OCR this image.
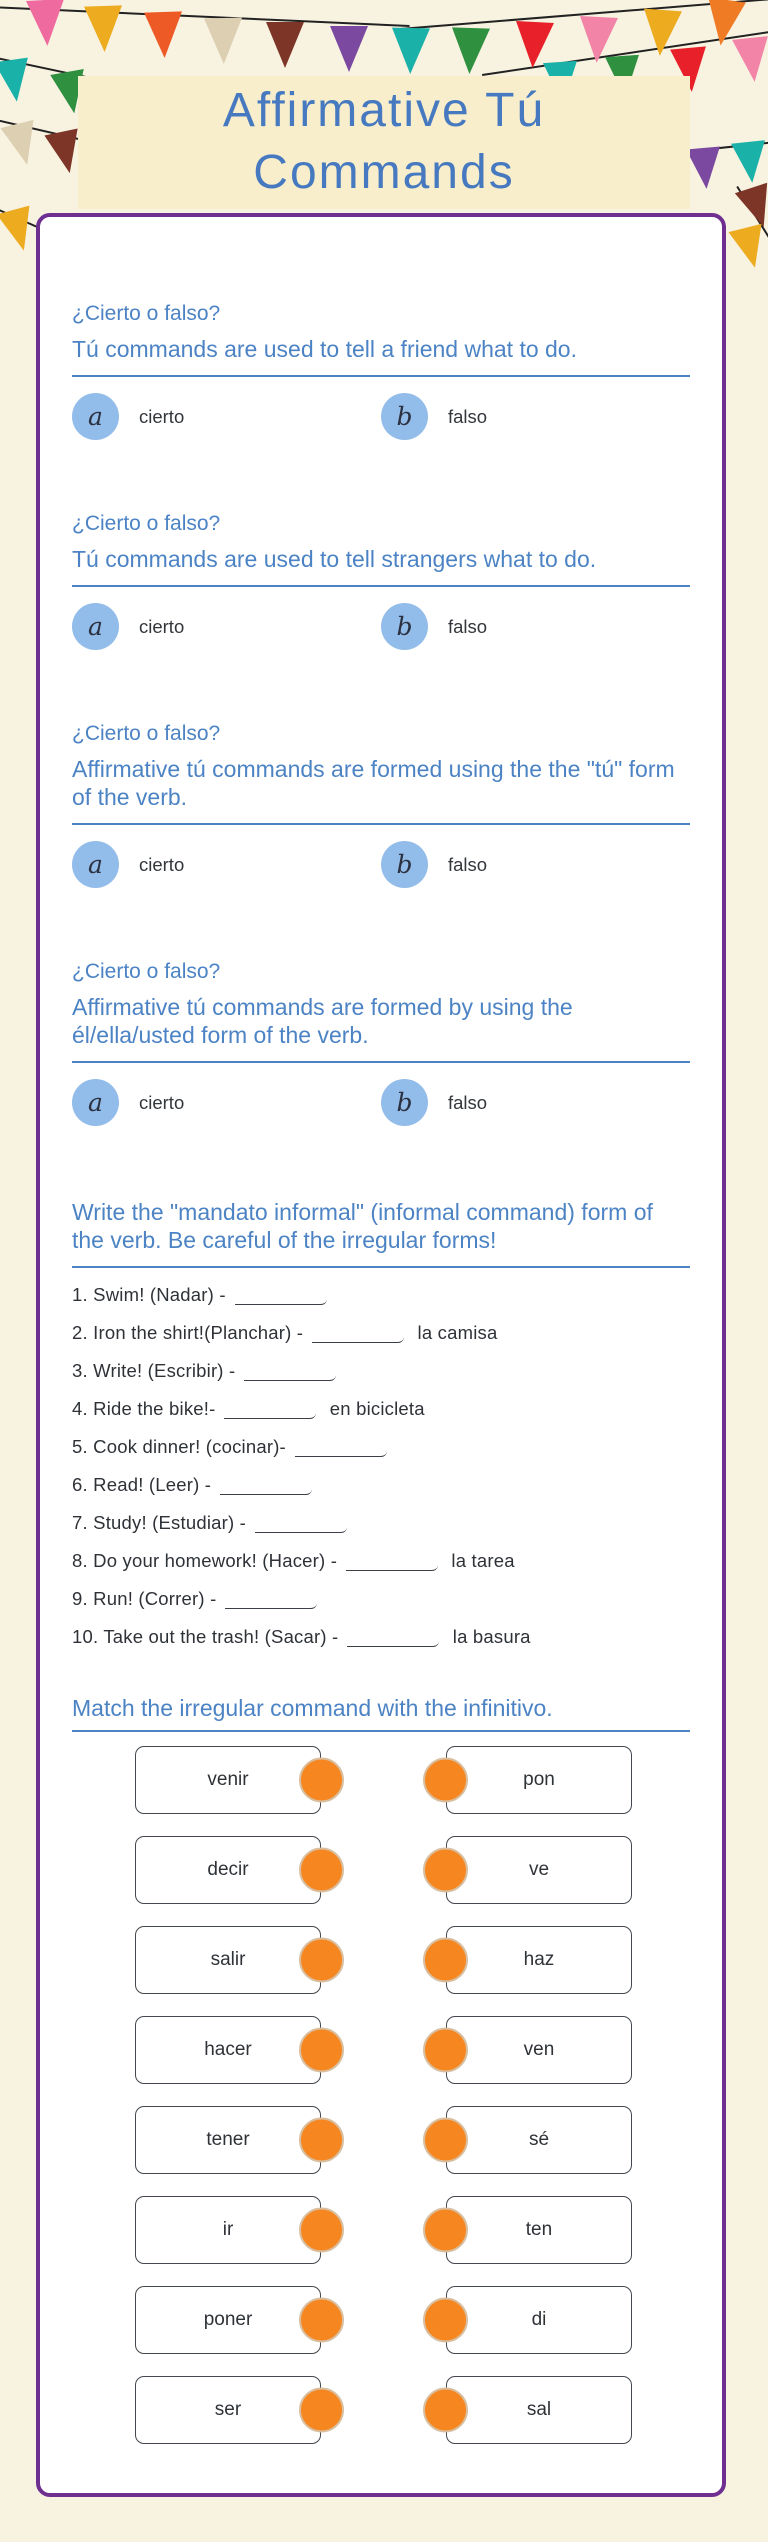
Affirmative Tú
Commands
¿Cierto o falso?

Tú commands are used to tell a friend what to do.

a cierto	b falso
¿Cierto o falso?

Tú commands are used to tell strangers what to do.

a cierto	b falso
¿Cierto o falso?

Affirmative tú commands are formed using the the "tú" form of the verb.

a cierto	b falso
¿Cierto o falso?

Affirmative tú commands are formed by using the él/ella/usted form of the verb.

a cierto	b falso
Write the "mandato informal" (informal command) form of the verb. Be careful of the irregular forms!
1. Swim! (Nadar) -
2. Iron the shirt!(Planchar) -	la camisa
3. Write! (Escribir) -
4. Ride the bike!-	en bicicleta
5. Cook dinner! (cocinar)-
6. Read! (Leer) -
7. Study! (Estudiar) -
8. Do your homework! (Hacer) -	la tarea
9. Run! (Correr) -
10. Take out the trash! (Sacar) -	la basura
Match the irregular command with the infinitivo.
venir	pon
decir	ve
salir	haz
hacer	ven
tener	sé
ir	ten
poner	di
ser	sal
